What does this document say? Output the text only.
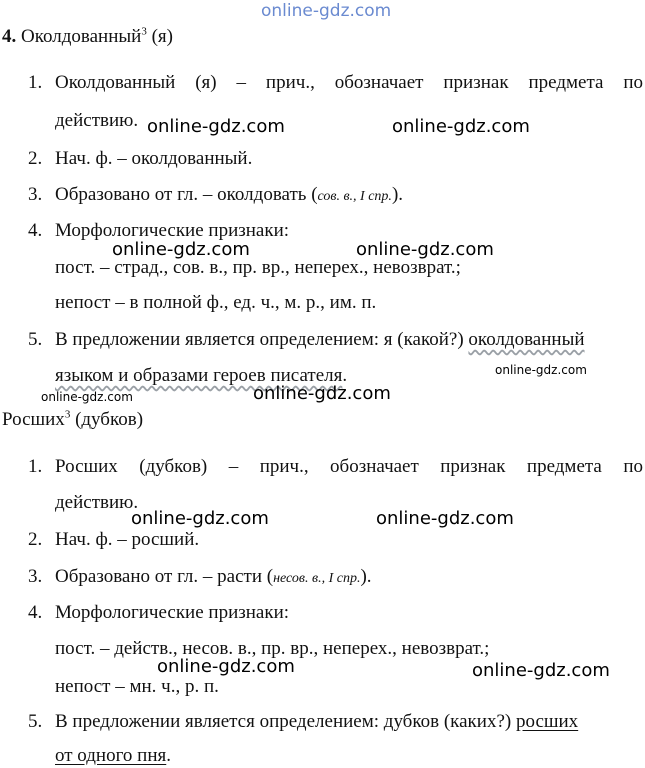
online-gdz.com
4. Околдованный$^3$ (я)
1. Околдованный (я) – прич., обозначает признак предмета по
действию.
2. Нач. ф. – околдованный.
3. Образовано от гл. – околдовать (сов. в., I спр.).
4. Морфологические признаки:
пост. – страд., сов. в., пр. вр., неперех., невозврат.;
непост – в полной ф., ед. ч., м. р., им. п.
5. В предложении является определением: я (какой?) околдованный
языком и образами героев писателя.
Росших$^3$ (дубков)
1. Росших (дубков) – прич., обозначает признак предмета по
действию.
2. Нач. ф. – росший.
3. Образовано от гл. – расти (несов. в., I спр.).
4. Морфологические признаки:
пост. – действ., несов. в., пр. вр., неперех., невозврат.;
непост – мн. ч., р. п.
5. В предложении является определением: дубков (каких?) росших
от одного пня.
online-gdz.com	online-gdz.com
online-gdz.com	online-gdz.com
online-gdz.com
online-gdz.com	online-gdz.com
online-gdz.com	online-gdz.com
online-gdz.com	online-gdz.com
